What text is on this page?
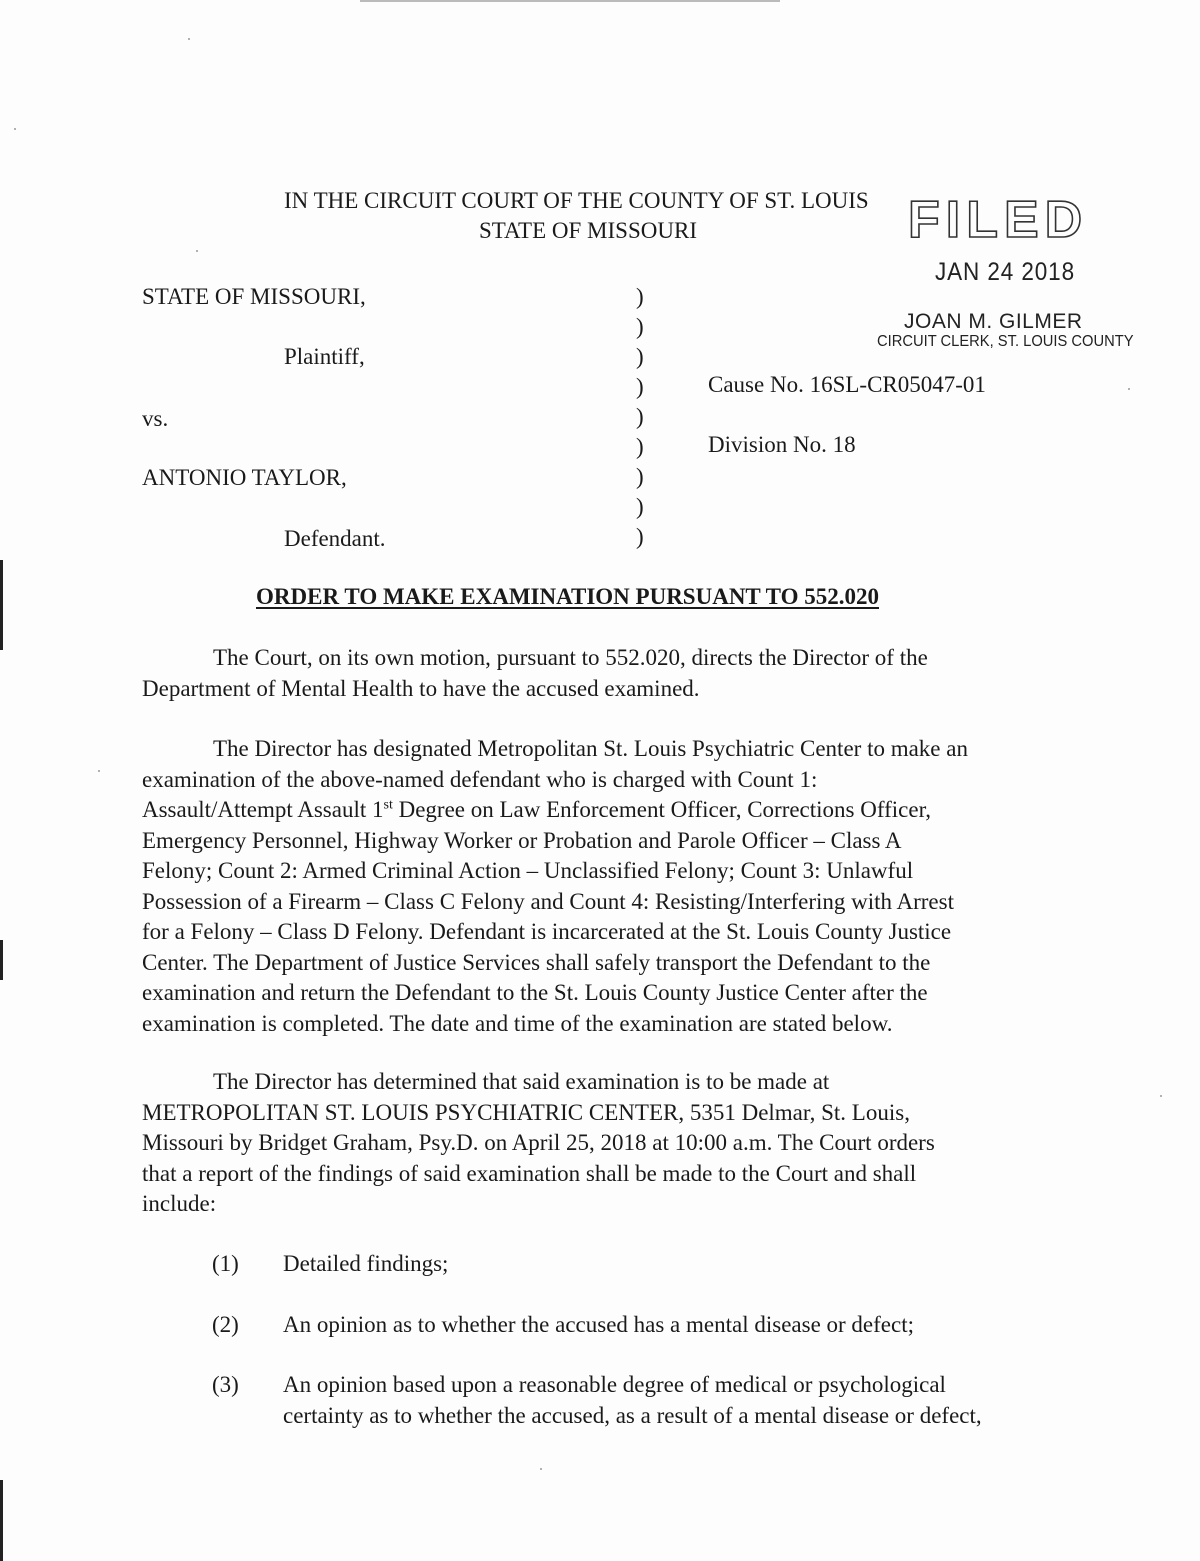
IN THE CIRCUIT COURT OF THE COUNTY OF ST. LOUIS
STATE OF MISSOURI	FILED
JAN 24 2018
JOAN M. GILMER
CIRCUIT CLERK, ST. LOUIS COUNTY
STATE OF MISSOURI,
Plaintiff,
vs.
ANTONIO TAYLOR,
Defendant.
)
)
)
)
)
)
)
)
)
Cause No. 16SL-CR05047-01
Division No. 18
ORDER TO MAKE EXAMINATION PURSUANT TO 552.020
The Court, on its own motion, pursuant to 552.020, directs the Director of the
Department of Mental Health to have the accused examined.
The Director has designated Metropolitan St. Louis Psychiatric Center to make an
examination of the above-named defendant who is charged with Count 1:
Assault/Attempt Assault 1st Degree on Law Enforcement Officer, Corrections Officer,
Emergency Personnel, Highway Worker or Probation and Parole Officer – Class A
Felony; Count 2: Armed Criminal Action – Unclassified Felony; Count 3: Unlawful
Possession of a Firearm – Class C Felony and Count 4: Resisting/Interfering with Arrest
for a Felony – Class D Felony. Defendant is incarcerated at the St. Louis County Justice
Center. The Department of Justice Services shall safely transport the Defendant to the
examination and return the Defendant to the St. Louis County Justice Center after the
examination is completed. The date and time of the examination are stated below.
The Director has determined that said examination is to be made at
METROPOLITAN ST. LOUIS PSYCHIATRIC CENTER, 5351 Delmar, St. Louis,
Missouri by Bridget Graham, Psy.D. on April 25, 2018 at 10:00 a.m. The Court orders
that a report of the findings of said examination shall be made to the Court and shall
include:
(1) Detailed findings;
(2) An opinion as to whether the accused has a mental disease or defect;
(3) An opinion based upon a reasonable degree of medical or psychological
certainty as to whether the accused, as a result of a mental disease or defect,
